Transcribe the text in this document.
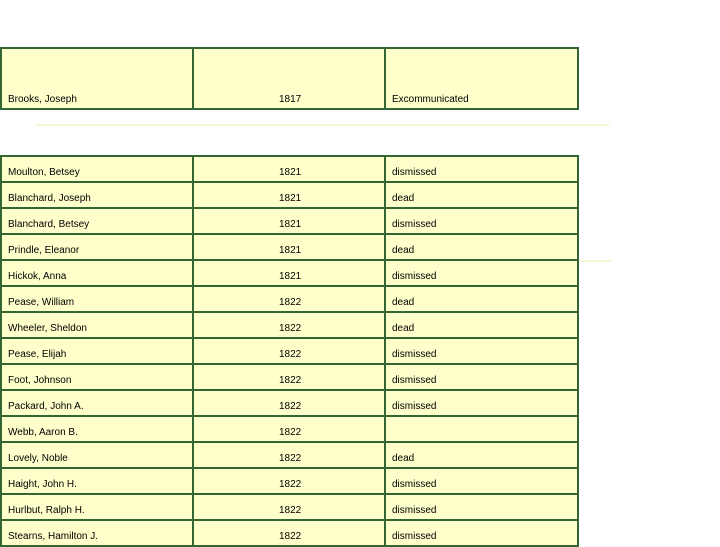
Brooks, Joseph	1817	Excommunicated
Moulton, Betsey	1821	dismissed
Blanchard, Joseph	1821	dead
Blanchard, Betsey	1821	dismissed
Prindle, Eleanor	1821	dead
Hickok, Anna	1821	dismissed
Pease, William	1822	dead
Wheeler, Sheldon	1822	dead
Pease, Elijah	1822	dismissed
Foot, Johnson	1822	dismissed
Packard, John A.	1822	dismissed
Webb, Aaron B.	1822	
Lovely, Noble	1822	dead
Haight, John H.	1822	dismissed
Hurlbut, Ralph H.	1822	dismissed
Stearns, Hamilton J.	1822	dismissed
